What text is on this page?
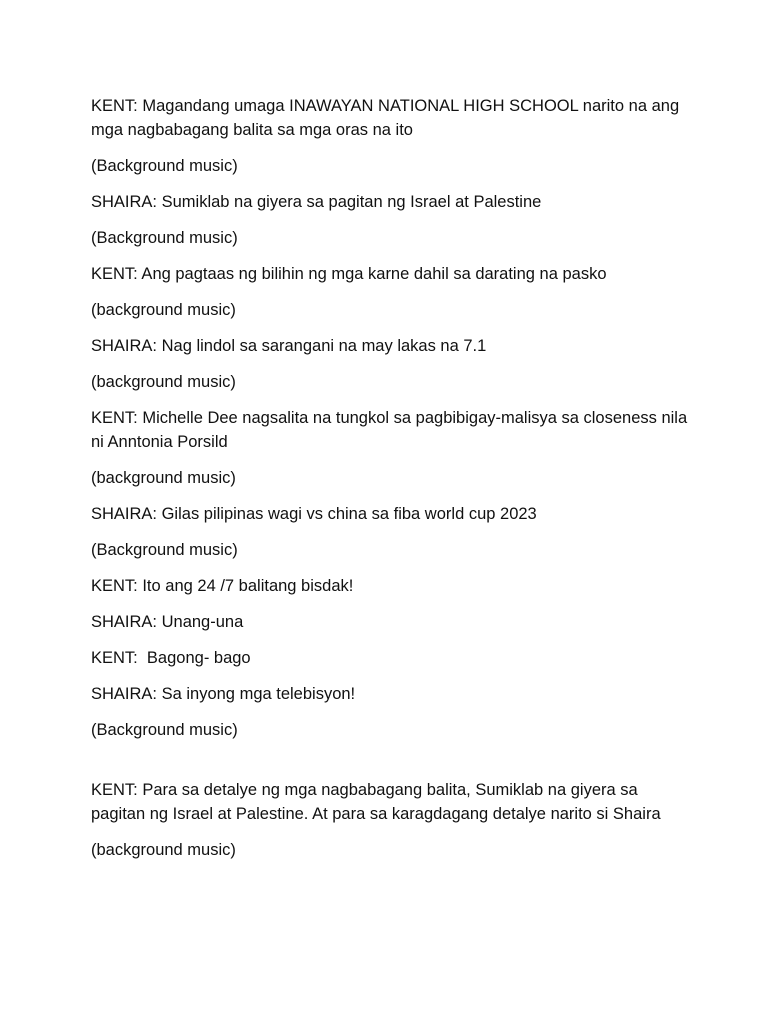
KENT: Magandang umaga INAWAYAN NATIONAL HIGH SCHOOL narito na ang mga nagbabagang balita sa mga oras na ito

(Background music)

SHAIRA: Sumiklab na giyera sa pagitan ng Israel at Palestine

(Background music)

KENT: Ang pagtaas ng bilihin ng mga karne dahil sa darating na pasko

(background music)

SHAIRA: Nag lindol sa sarangani na may lakas na 7.1

(background music)

KENT: Michelle Dee nagsalita na tungkol sa pagbibigay-malisya sa closeness nila ni Anntonia Porsild

(background music)

SHAIRA: Gilas pilipinas wagi vs china sa fiba world cup 2023

(Background music)

KENT: Ito ang 24 /7 balitang bisdak!

SHAIRA: Unang-una

KENT:  Bagong- bago

SHAIRA: Sa inyong mga telebisyon!

(Background music)

KENT: Para sa detalye ng mga nagbabagang balita, Sumiklab na giyera sa pagitan ng Israel at Palestine. At para sa karagdagang detalye narito si Shaira

(background music)
